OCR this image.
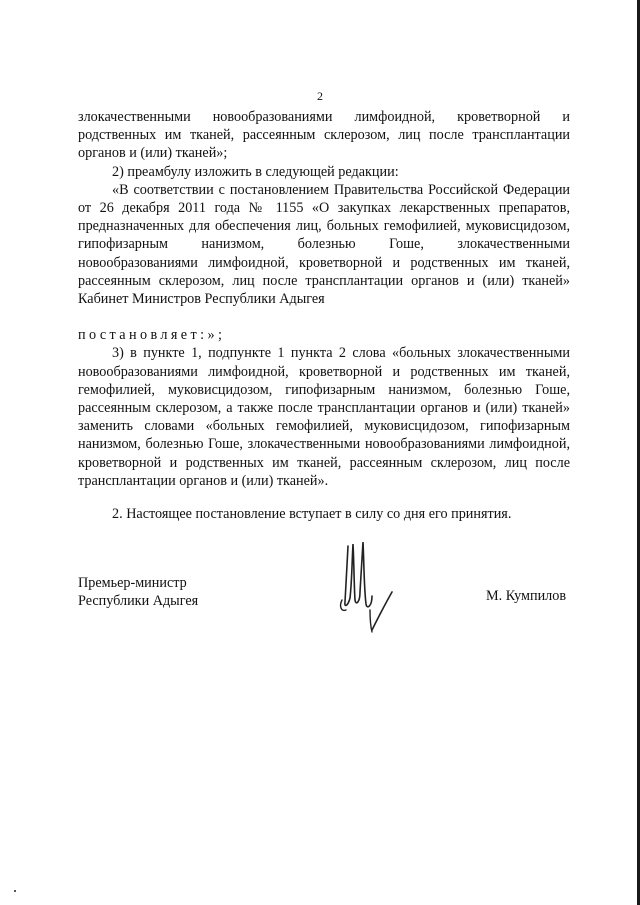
2

злокачественными новообразованиями лимфоидной, кроветворной и родственных им тканей, рассеянным склерозом, лиц после трансплантации органов и (или) тканей»;

2) преамбулу изложить в следующей редакции:

«В соответствии с постановлением Правительства Российской Федерации от 26 декабря 2011 года № 1155 «О закупках лекарственных препаратов, предназначенных для обеспечения лиц, больных гемофилией, муковисцидозом, гипофизарным нанизмом, болезнью Гоше, злокачественными новообразованиями лимфоидной, кроветворной и родственных им тканей, рассеянным склерозом, лиц после трансплантации органов и (или) тканей» Кабинет Министров Республики Адыгея

постановляет:»;

3) в пункте 1, подпункте 1 пункта 2 слова «больных злокачественными новообразованиями лимфоидной, кроветворной и родственных им тканей, гемофилией, муковисцидозом, гипофизарным нанизмом, болезнью Гоше, рассеянным склерозом, а также после трансплантации органов и (или) тканей» заменить словами «больных гемофилией, муковисцидозом, гипофизарным нанизмом, болезнью Гоше, злокачественными новообразованиями лимфоидной, кроветворной и родственных им тканей, рассеянным склерозом, лиц после трансплантации органов и (или) тканей».

2. Настоящее постановление вступает в силу со дня его принятия.

Премьер-министр
Республики Адыгея	М. Кумпилов
